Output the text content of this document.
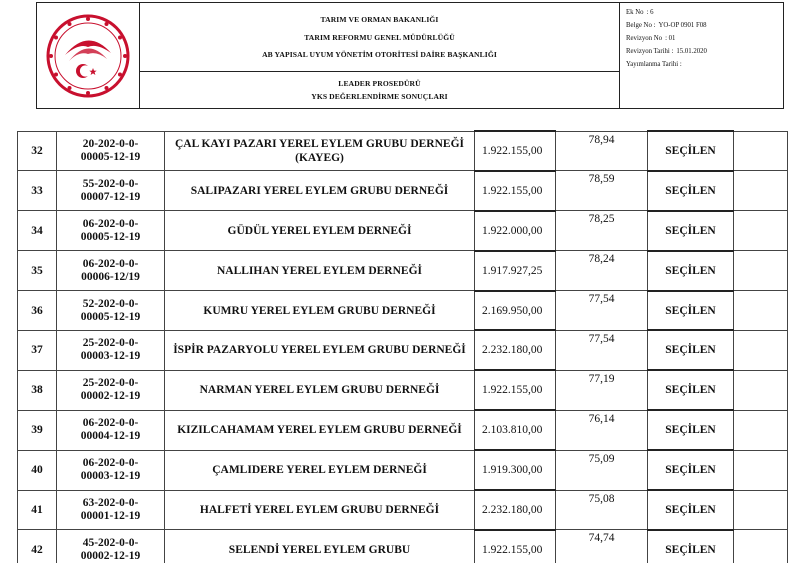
TARIM VE ORMAN BAKANLIĞI
TARIM REFORMU GENEL MÜDÜRLÜĞÜ
AB YAPISAL UYUM YÖNETİM OTORİTESİ DAİRE BAŞKANLIĞI
LEADER PROSEDÜRÜ
YKS DEĞERLENDİRME SONUÇLARI
Ek No : 6
Belge No : YO-OP 0901 F08
Revizyon No : 01
Revizyon Tarihi : 15.01.2020
Yayımlanma Tarihi :
32	20-202-0-0-
00005-12-19	ÇAL KAYI PAZARI YEREL EYLEM GRUBU DERNEĞİ (KAYEG)	1.922.155,00	78,94	SEÇİLEN	
33	55-202-0-0-
00007-12-19	SALIPAZARI YEREL EYLEM GRUBU DERNEĞİ	1.922.155,00	78,59	SEÇİLEN	
34	06-202-0-0-
00005-12-19	GÜDÜL YEREL EYLEM DERNEĞİ	1.922.000,00	78,25	SEÇİLEN	
35	06-202-0-0-
00006-12/19	NALLIHAN YEREL EYLEM DERNEĞİ	1.917.927,25	78,24	SEÇİLEN	
36	52-202-0-0-
00005-12-19	KUMRU YEREL EYLEM GRUBU DERNEĞİ	2.169.950,00	77,54	SEÇİLEN	
37	25-202-0-0-
00003-12-19	İSPİR PAZARYOLU YEREL EYLEM GRUBU DERNEĞİ	2.232.180,00	77,54	SEÇİLEN	
38	25-202-0-0-
00002-12-19	NARMAN YEREL EYLEM GRUBU DERNEĞİ	1.922.155,00	77,19	SEÇİLEN	
39	06-202-0-0-
00004-12-19	KIZILCAHAMAM YEREL EYLEM GRUBU DERNEĞİ	2.103.810,00	76,14	SEÇİLEN	
40	06-202-0-0-
00003-12-19	ÇAMLIDERE YEREL EYLEM DERNEĞİ	1.919.300,00	75,09	SEÇİLEN	
41	63-202-0-0-
00001-12-19	HALFETİ YEREL EYLEM GRUBU DERNEĞİ	2.232.180,00	75,08	SEÇİLEN	
42	45-202-0-0-
00002-12-19	SELENDİ YEREL EYLEM GRUBU	1.922.155,00	74,74	SEÇİLEN	
